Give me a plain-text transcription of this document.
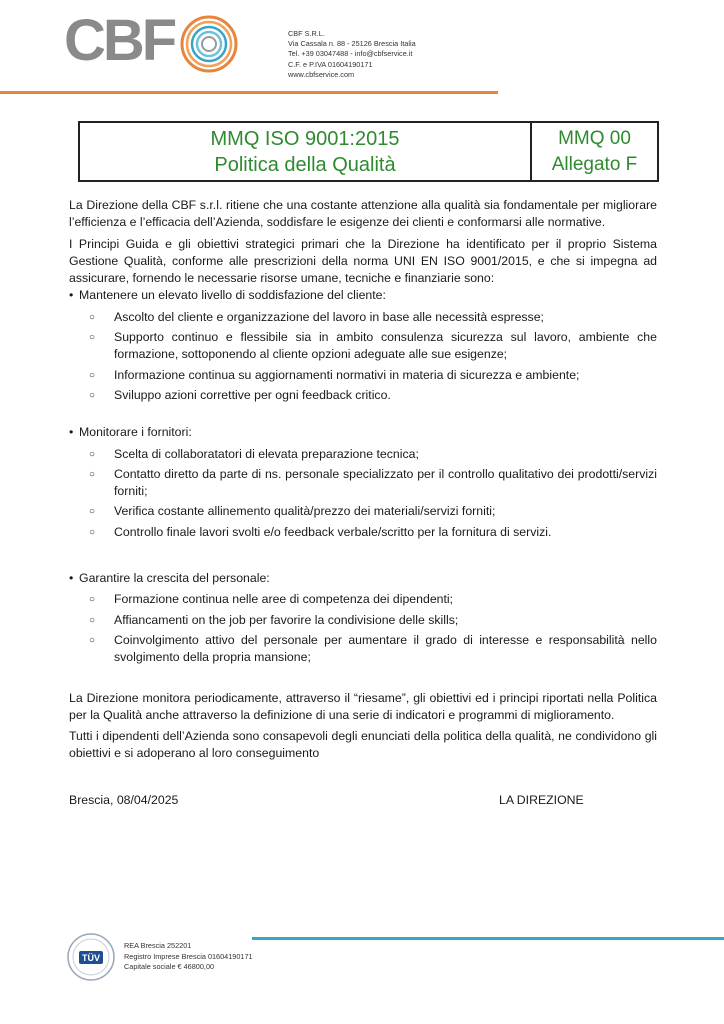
CBF	CBF S.R.L.
Via Cassala n. 88 - 25126 Brescia Italia
Tel. +39 03047488 - info@cbfservice.it
C.F. e P.IVA 01604190171
www.cbfservice.com
MMQ ISO 9001:2015
Politica della Qualità
MMQ 00
Allegato F

La Direzione della CBF s.r.l. ritiene che una costante attenzione alla qualità sia fondamentale per migliorare l’efficienza e l’efficacia dell’Azienda, soddisfare le esigenze dei clienti e conformarsi alle normative.

I Principi Guida e gli obiettivi strategici primari che la Direzione ha identificato per il proprio Sistema Gestione Qualità, conforme alle prescrizioni della norma UNI EN ISO 9001/2015, e che si impegna ad assicurare, fornendo le necessarie risorse umane, tecniche e finanziarie sono:

• Mantenere un elevato livello di soddisfazione del cliente:

○ Ascolto del cliente e organizzazione del lavoro in base alle necessità espresse;
○ Supporto continuo e flessibile sia in ambito consulenza sicurezza sul lavoro, ambiente che formazione, sottoponendo al cliente opzioni adeguate alle sue esigenze;
○ Informazione continua su aggiornamenti normativi in materia di sicurezza e ambiente;
○ Sviluppo azioni correttive per ogni feedback critico.

• Monitorare i fornitori:

○ Scelta di collaboratatori di elevata preparazione tecnica;
○ Contatto diretto da parte di ns. personale specializzato per il controllo qualitativo dei prodotti/servizi forniti;
○ Verifica costante allinemento qualità/prezzo dei materiali/servizi forniti;
○ Controllo finale lavori svolti e/o feedback verbale/scritto per la fornitura di servizi.

• Garantire la crescita del personale:

○ Formazione continua nelle aree di competenza dei dipendenti;
○ Affiancamenti on the job per favorire la condivisione delle skills;
○ Coinvolgimento attivo del personale per aumentare il grado di interesse e responsabilità nello svolgimento della propria mansione;

La Direzione monitora periodicamente, attraverso il “riesame”, gli obiettivi ed i principi riportati nella Politica per la Qualità anche attraverso la definizione di una serie di indicatori e programmi di miglioramento.

Tutti i dipendenti dell’Azienda sono consapevoli degli enunciati della politica della qualità, ne condividono gli obiettivi e si adoperano al loro conseguimento

Brescia, 08/04/2025	LA DIREZIONE
TÜV
REA Brescia 252201
Registro Imprese Brescia 01604190171
Capitale sociale € 46800,00
